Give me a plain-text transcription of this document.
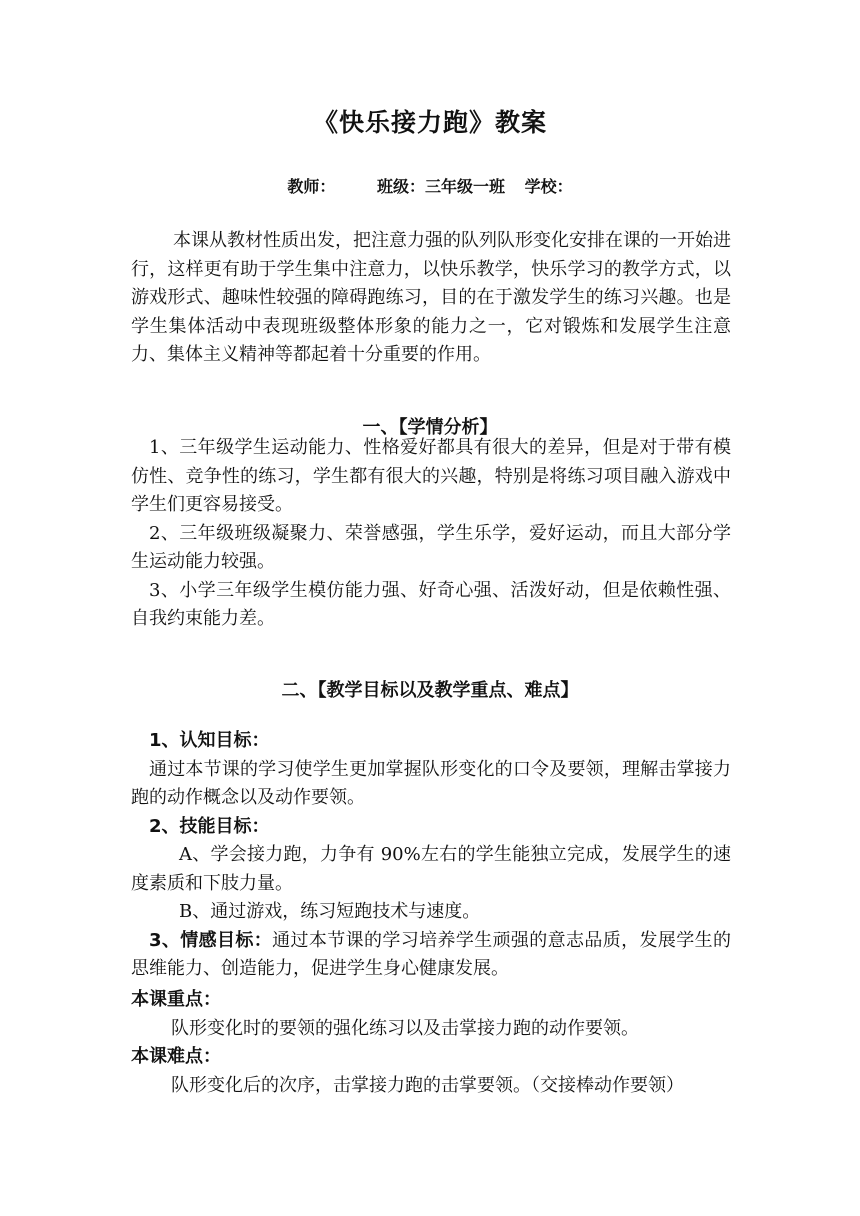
《快乐接力跑》教案
教师：	班级：三年级一班 学校：

本课从教材性质出发，把注意力强的队列队形变化安排在课的一开始进行，这样更有助于学生集中注意力，以快乐教学，快乐学习的教学方式，以游戏形式、趣味性较强的障碍跑练习，目的在于激发学生的练习兴趣。也是学生集体活动中表现班级整体形象的能力之一，它对锻炼和发展学生注意力、集体主义精神等都起着十分重要的作用。

一、【学情分析】

1、三年级学生运动能力、性格爱好都具有很大的差异，但是对于带有模仿性、竞争性的练习，学生都有很大的兴趣，特别是将练习项目融入游戏中学生们更容易接受。

2、三年级班级凝聚力、荣誉感强，学生乐学，爱好运动，而且大部分学生运动能力较强。

3、小学三年级学生模仿能力强、好奇心强、活泼好动，但是依赖性强、自我约束能力差。

二、【教学目标以及教学重点、难点】

1、认知目标：

通过本节课的学习使学生更加掌握队形变化的口令及要领，理解击掌接力跑的动作概念以及动作要领。

2、技能目标：

A、学会接力跑，力争有 90%左右的学生能独立完成，发展学生的速度素质和下肢力量。

B、通过游戏，练习短跑技术与速度。

3、情感目标：通过本节课的学习培养学生顽强的意志品质，发展学生的思维能力、创造能力，促进学生身心健康发展。

本课重点：

队形变化时的要领的强化练习以及击掌接力跑的动作要领。

本课难点：

队形变化后的次序，击掌接力跑的击掌要领。（交接棒动作要领）
